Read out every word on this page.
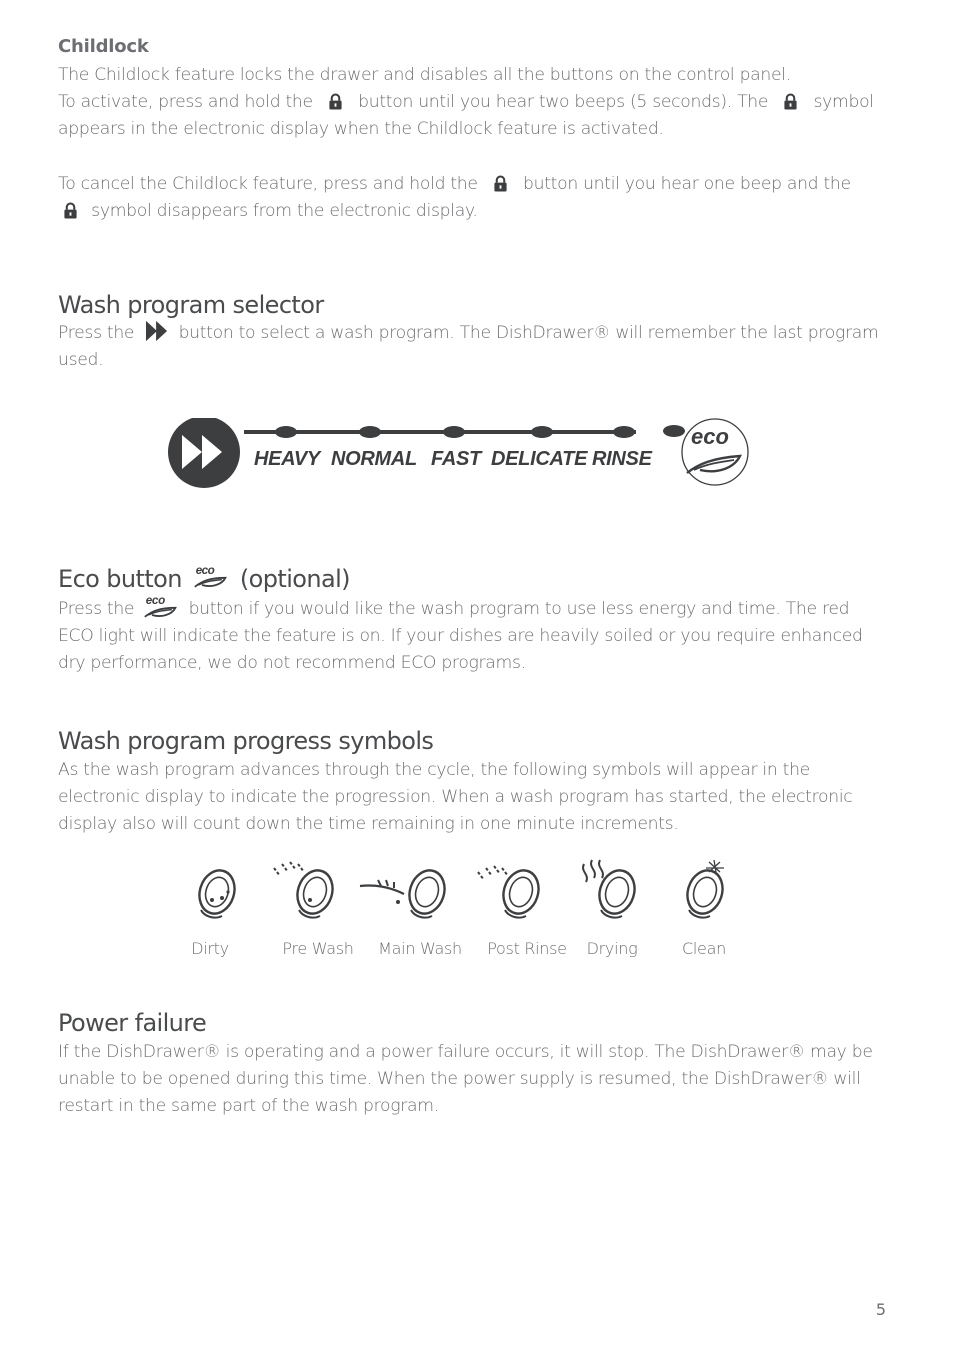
Childlock
The Childlock feature locks the drawer and disables all the buttons on the control panel.
To activate, press and hold the	button until you hear two beeps (5 seconds). The	symbol
appears in the electronic display when the Childlock feature is activated.
To cancel the Childlock feature, press and hold the	button until you hear one beep and the
symbol disappears from the electronic display.
Wash program selector
Press the	button to select a wash program. The DishDrawer® will remember the last program
used.
eco
HEAVY NORMAL FAST DELICATE RINSE
Eco button (optional)
Press the	button if you would like the wash program to use less energy and time. The red
ECO light will indicate the feature is on. If your dishes are heavily soiled or you require enhanced
dry performance, we do not recommend ECO programs.
Wash program progress symbols
As the wash program advances through the cycle, the following symbols will appear in the
electronic display to indicate the progression. When a wash program has started, the electronic
display also will count down the time remaining in one minute increments.
Dirty	Pre Wash Main Wash Post Rinse Drying	Clean
Power failure
If the DishDrawer® is operating and a power failure occurs, it will stop. The DishDrawer® may be
unable to be opened during this time. When the power supply is resumed, the DishDrawer® will
restart in the same part of the wash program.
5
